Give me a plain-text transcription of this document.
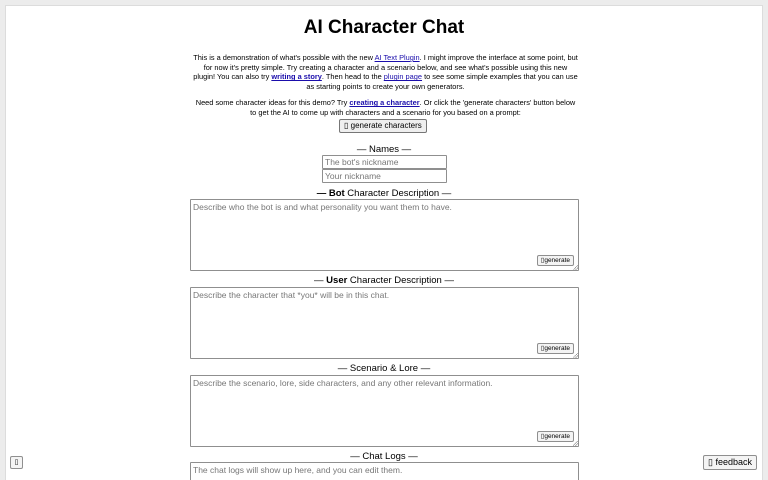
AI Character Chat

This is a demonstration of what's possible with the new AI Text Plugin. I might improve the interface at some point, but for now it's pretty simple. Try creating a character and a scenario below, and see what's possible using this new plugin! You can also try writing a story. Then head to the plugin page to see some simple examples that you can use as starting points to create your own generators.

Need some character ideas for this demo? Try creating a character. Or click the 'generate characters' button below to get the AI to come up with characters and a scenario for you based on a prompt:

▯ generate characters
— Names —
The bot's nickname
Your nickname
— Bot Character Description —
Describe who the bot is and what personality you want them to have.
▯generate
— User Character Description —
Describe the character that *you* will be in this chat.
▯generate
— Scenario & Lore —
Describe the scenario, lore, side characters, and any other relevant information.
▯generate
— Chat Logs —
The chat logs will show up here, and you can edit them.
▯	▯ feedback
